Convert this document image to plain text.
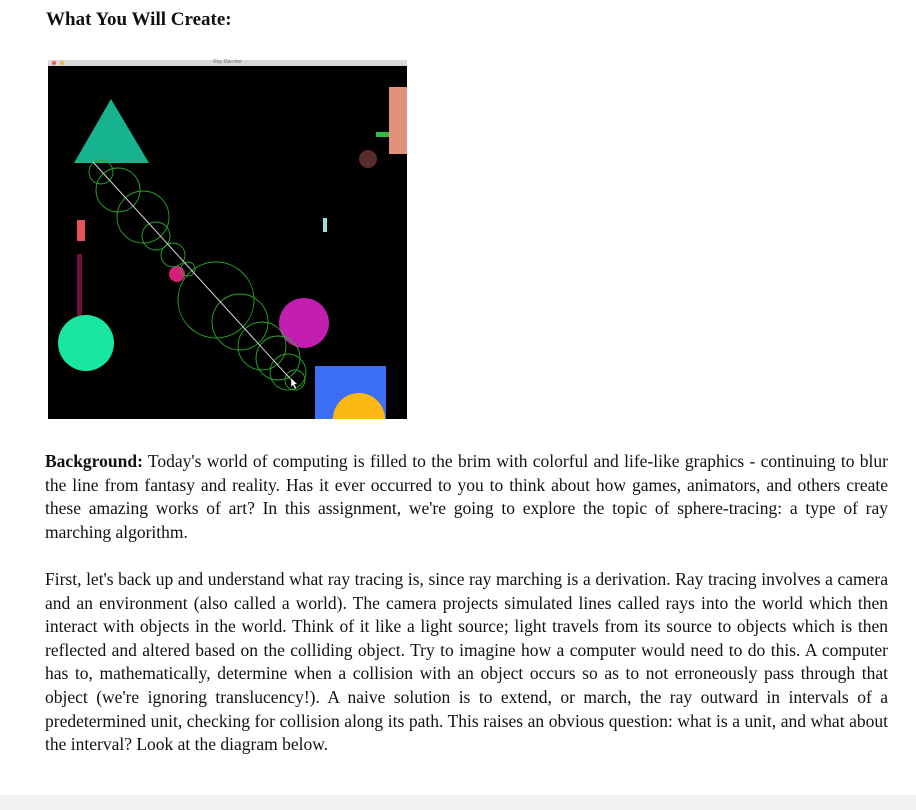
What You Will Create:
Ray Marcher

Background: Today's world of computing is filled to the brim with colorful and life-like graphics - continuing to blur the line from fantasy and reality. Has it ever occurred to you to think about how games, animators, and others create these amazing works of art? In this assignment, we're going to explore the topic of sphere-tracing: a type of ray marching algorithm.

First, let's back up and understand what ray tracing is, since ray marching is a derivation. Ray tracing involves a camera and an environment (also called a world). The camera projects simulated lines called rays into the world which then interact with objects in the world. Think of it like a light source; light travels from its source to objects which is then reflected and altered based on the colliding object. Try to imagine how a computer would need to do this. A computer has to, mathematically, determine when a collision with an object occurs so as to not erroneously pass through that object (we're ignoring translucency!). A naive solution is to extend, or march, the ray outward in intervals of a predetermined unit, checking for collision along its path. This raises an obvious question: what is a unit, and what about the interval? Look at the diagram below.
